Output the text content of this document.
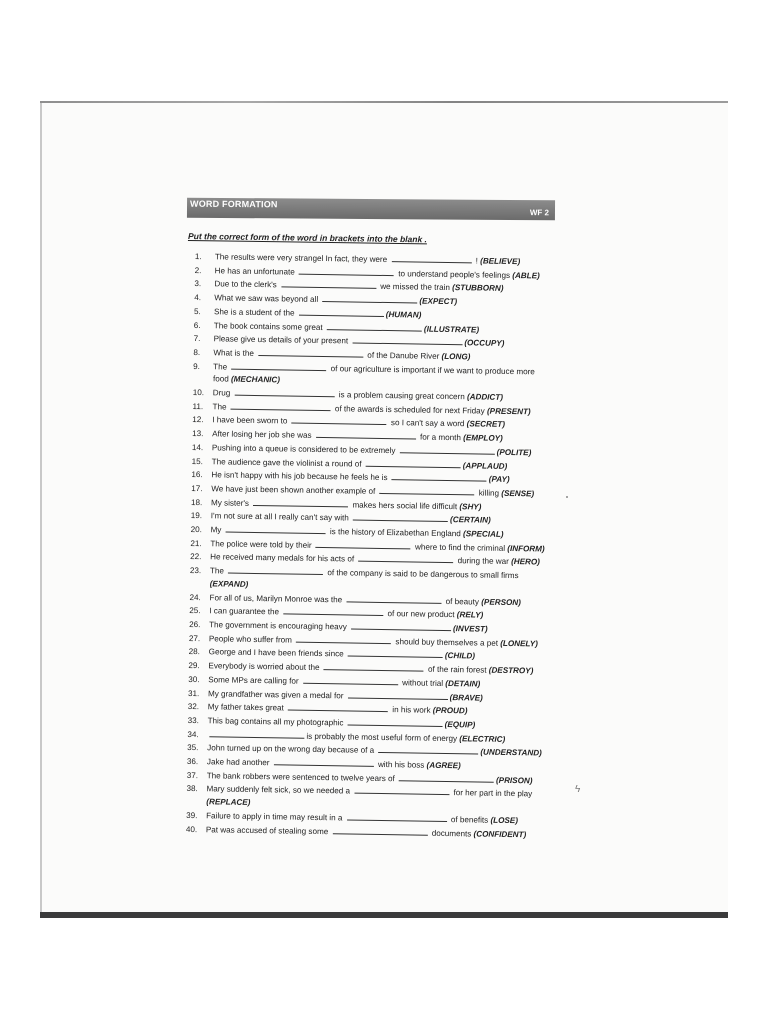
WORD FORMATION
WF 2
Put the correct form of the word in brackets into the blank .
1.	The results were very strangel In fact, they were	! (BELIEVE)
2.	He has an unfortunate	to understand people's feelings (ABLE)
3.	Due to the clerk's	we missed the train (STUBBORN)
4.	What we saw was beyond all	(EXPECT)
5.	She is a student of the	(HUMAN)
6.	The book contains some great	(ILLUSTRATE)
7.	Please give us details of your present	(OCCUPY)
8.	What is the	of the Danube River (LONG)
9.	The	of our agriculture is important if we want to produce more
food (MECHANIC)
10.	Drug	is a problem causing great concern (ADDICT)
11.	The	of the awards is scheduled for next Friday (PRESENT)
12.	I have been sworn to	so I can't say a word (SECRET)
13.	After losing her job she was	for a month (EMPLOY)
14.	Pushing into a queue is considered to be extremely	(POLITE)
15.	The audience gave the violinist a round of	(APPLAUD)
16.	He isn't happy with his job because he feels he is	(PAY)
17.	We have just been shown another example of	killing (SENSE)
18.	My sister's	makes hers social life difficult (SHY)
19.	I'm not sure at all I really can't say with	(CERTAIN)
20.	My	is the history of Elizabethan England (SPECIAL)
21.	The police were told by their	where to find the criminal (INFORM)
22.	He received many medals for his acts of	during the war (HERO)
23.	The	of the company is said to be dangerous to small firms
(EXPAND)
24.	For all of us, Marilyn Monroe was the	of beauty (PERSON)
25.	I can guarantee the	of our new product (RELY)
26.	The government is encouraging heavy	(INVEST)
27.	People who suffer from	should buy themselves a pet (LONELY)
28.	George and I have been friends since	(CHILD)
29.	Everybody is worried about the	of the rain forest (DESTROY)
30.	Some MPs are calling for	without trial (DETAIN)
31.	My grandfather was given a medal for	(BRAVE)
32.	My father takes great	in his work (PROUD)
33.	This bag contains all my photographic	(EQUIP)
34.	is probably the most useful form of energy (ELECTRIC)
35.	John turned up on the wrong day because of a	(UNDERSTAND)
36.	Jake had another	with his boss (AGREE)
37.	The bank robbers were sentenced to twelve years of	(PRISON)
38.	Mary suddenly felt sick, so we needed a	for her part in the play
(REPLACE)
39.	Failure to apply in time may result in a	of benefits (LOSE)
40.	Pat was accused of stealing some	documents (CONFIDENT)
ϟ
